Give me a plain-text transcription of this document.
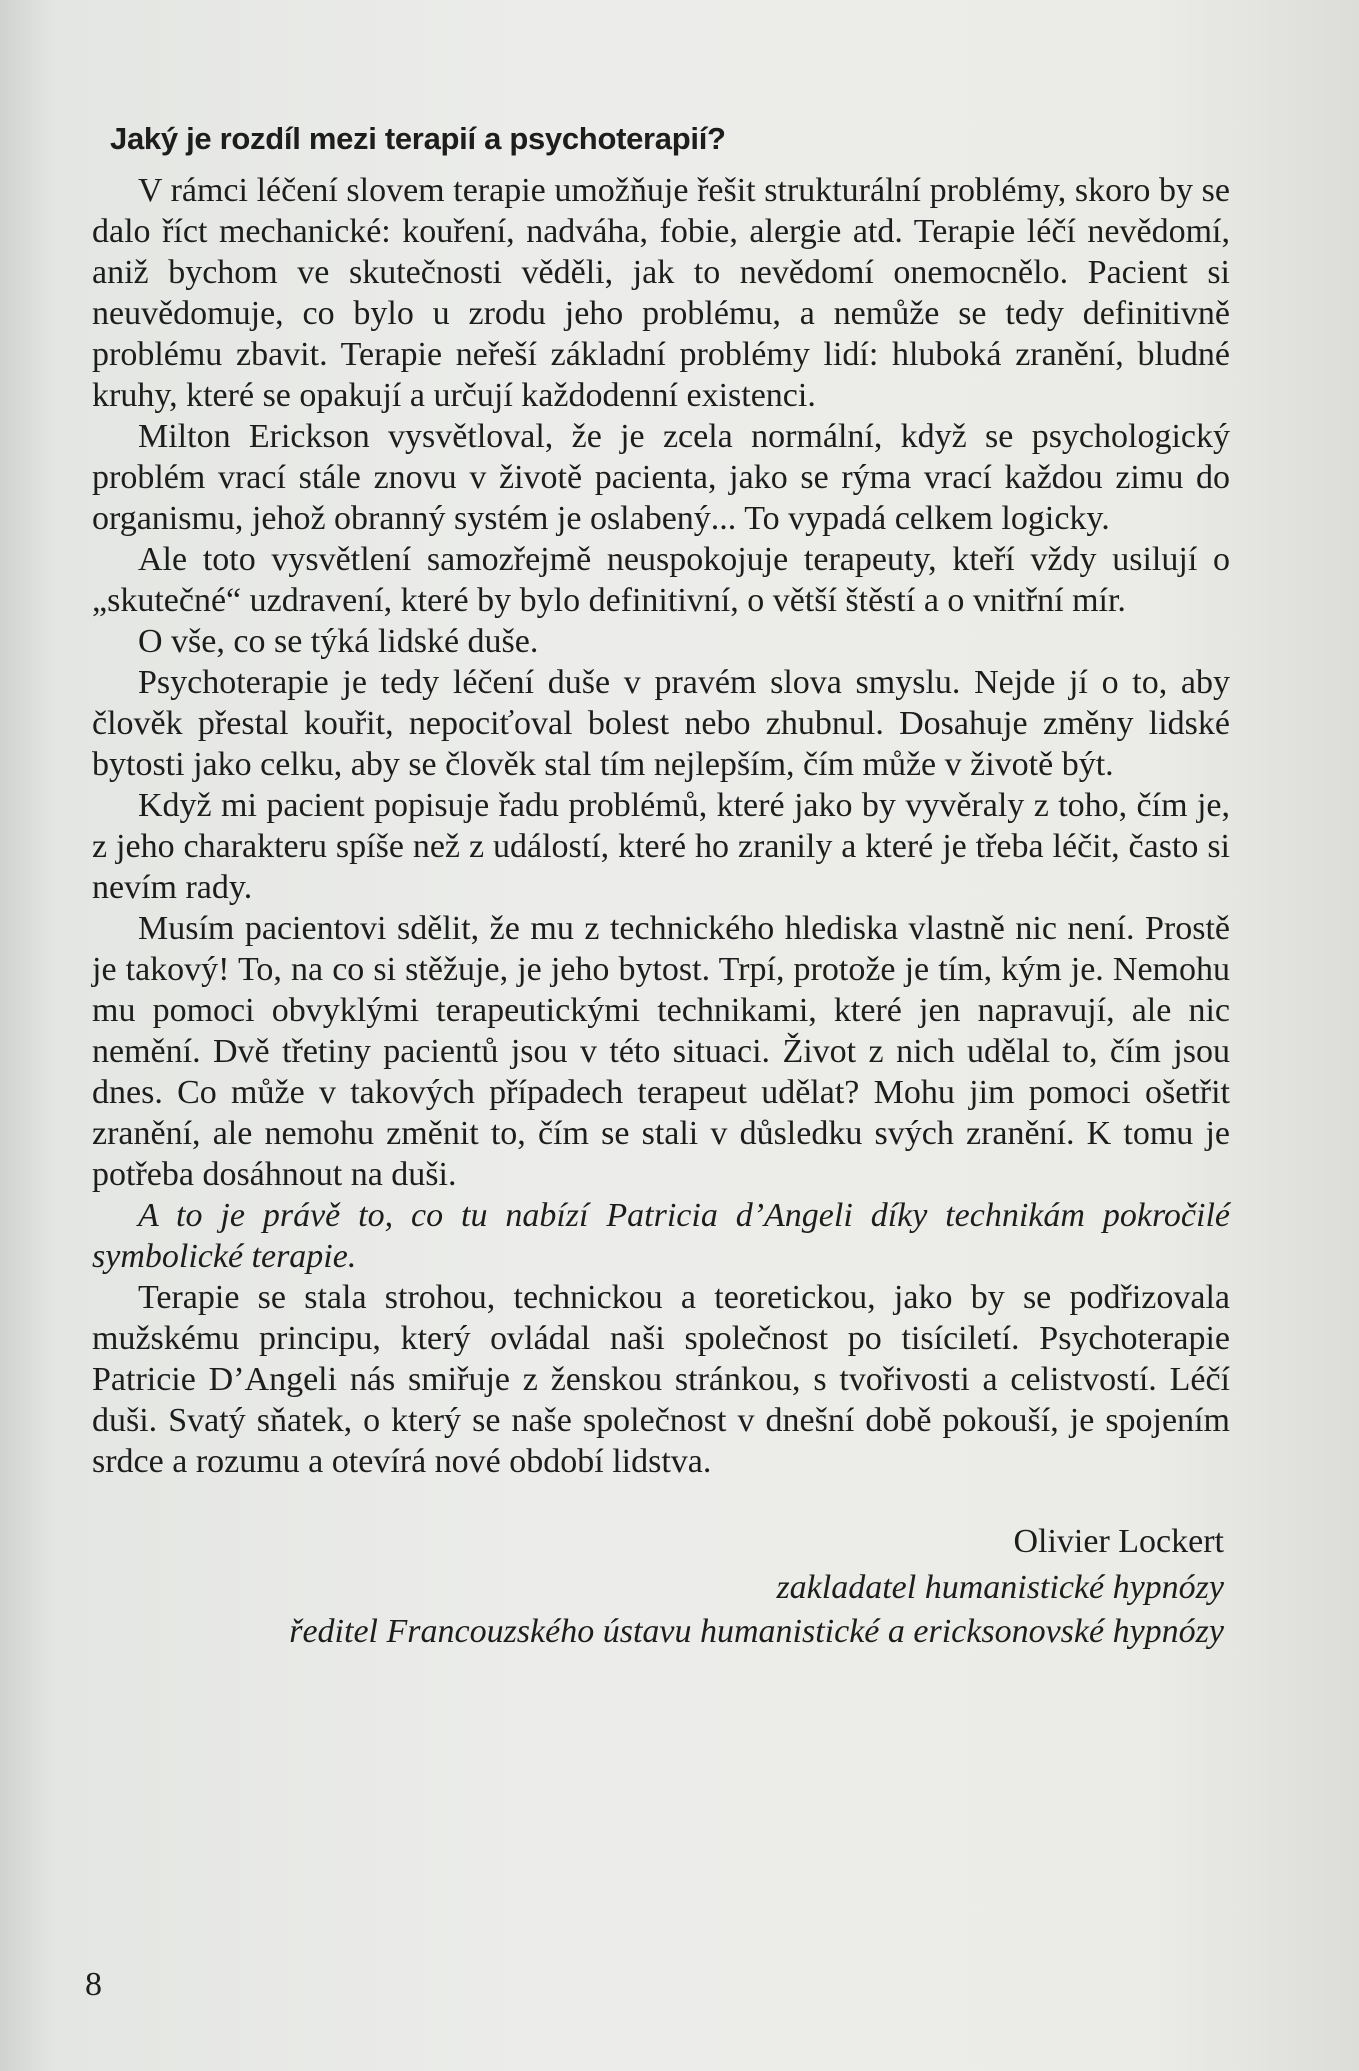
Jaký je rozdíl mezi terapií a psychoterapií?

V rámci léčení slovem terapie umožňuje řešit strukturální problémy, skoro by se dalo říct mechanické: kouření, nadváha, fobie, alergie atd. Terapie léčí nevědomí, aniž bychom ve skutečnosti věděli, jak to nevědomí onemocnělo. Pacient si neuvědomuje, co bylo u zrodu jeho problému, a nemůže se tedy definitivně problému zbavit. Terapie neřeší základní problémy lidí: hluboká zranění, bludné kruhy, které se opakují a určují každodenní existenci.

Milton Erickson vysvětloval, že je zcela normální, když se psychologický problém vrací stále znovu v životě pacienta, jako se rýma vrací každou zimu do organismu, jehož obranný systém je oslabený... To vypadá celkem logicky.

Ale toto vysvětlení samozřejmě neuspokojuje terapeuty, kteří vždy usilují o „skutečné“ uzdravení, které by bylo definitivní, o větší štěstí a o vnitřní mír.

O vše, co se týká lidské duše.

Psychoterapie je tedy léčení duše v pravém slova smyslu. Nejde jí o to, aby člověk přestal kouřit, nepociťoval bolest nebo zhubnul. Dosahuje změny lidské bytosti jako celku, aby se člověk stal tím nejlepším, čím může v životě být.

Když mi pacient popisuje řadu problémů, které jako by vyvěraly z toho, čím je, z jeho charakteru spíše než z událostí, které ho zranily a které je třeba léčit, často si nevím rady.

Musím pacientovi sdělit, že mu z technického hlediska vlastně nic není. Prostě je takový! To, na co si stěžuje, je jeho bytost. Trpí, protože je tím, kým je. Nemohu mu pomoci obvyklými terapeutickými technikami, které jen napravují, ale nic nemění. Dvě třetiny pacientů jsou v této situaci. Život z nich udělal to, čím jsou dnes. Co může v takových případech terapeut udělat? Mohu jim pomoci ošetřit zranění, ale nemohu změnit to, čím se stali v důsledku svých zranění. K tomu je potřeba dosáhnout na duši.

A to je právě to, co tu nabízí Patricia d’Angeli díky technikám pokročilé symbolické terapie.

Terapie se stala strohou, technickou a teoretickou, jako by se podřizovala mužskému principu, který ovládal naši společnost po tisíciletí. Psychoterapie Patricie D’Angeli nás smiřuje z ženskou stránkou, s tvořivosti a celistvostí. Léčí duši. Svatý sňatek, o který se naše společnost v dnešní době pokouší, je spojením srdce a rozumu a otevírá nové období lidstva.

Olivier Lockert
zakladatel humanistické hypnózy
ředitel Francouzského ústavu humanistické a ericksonovské hypnózy
8
